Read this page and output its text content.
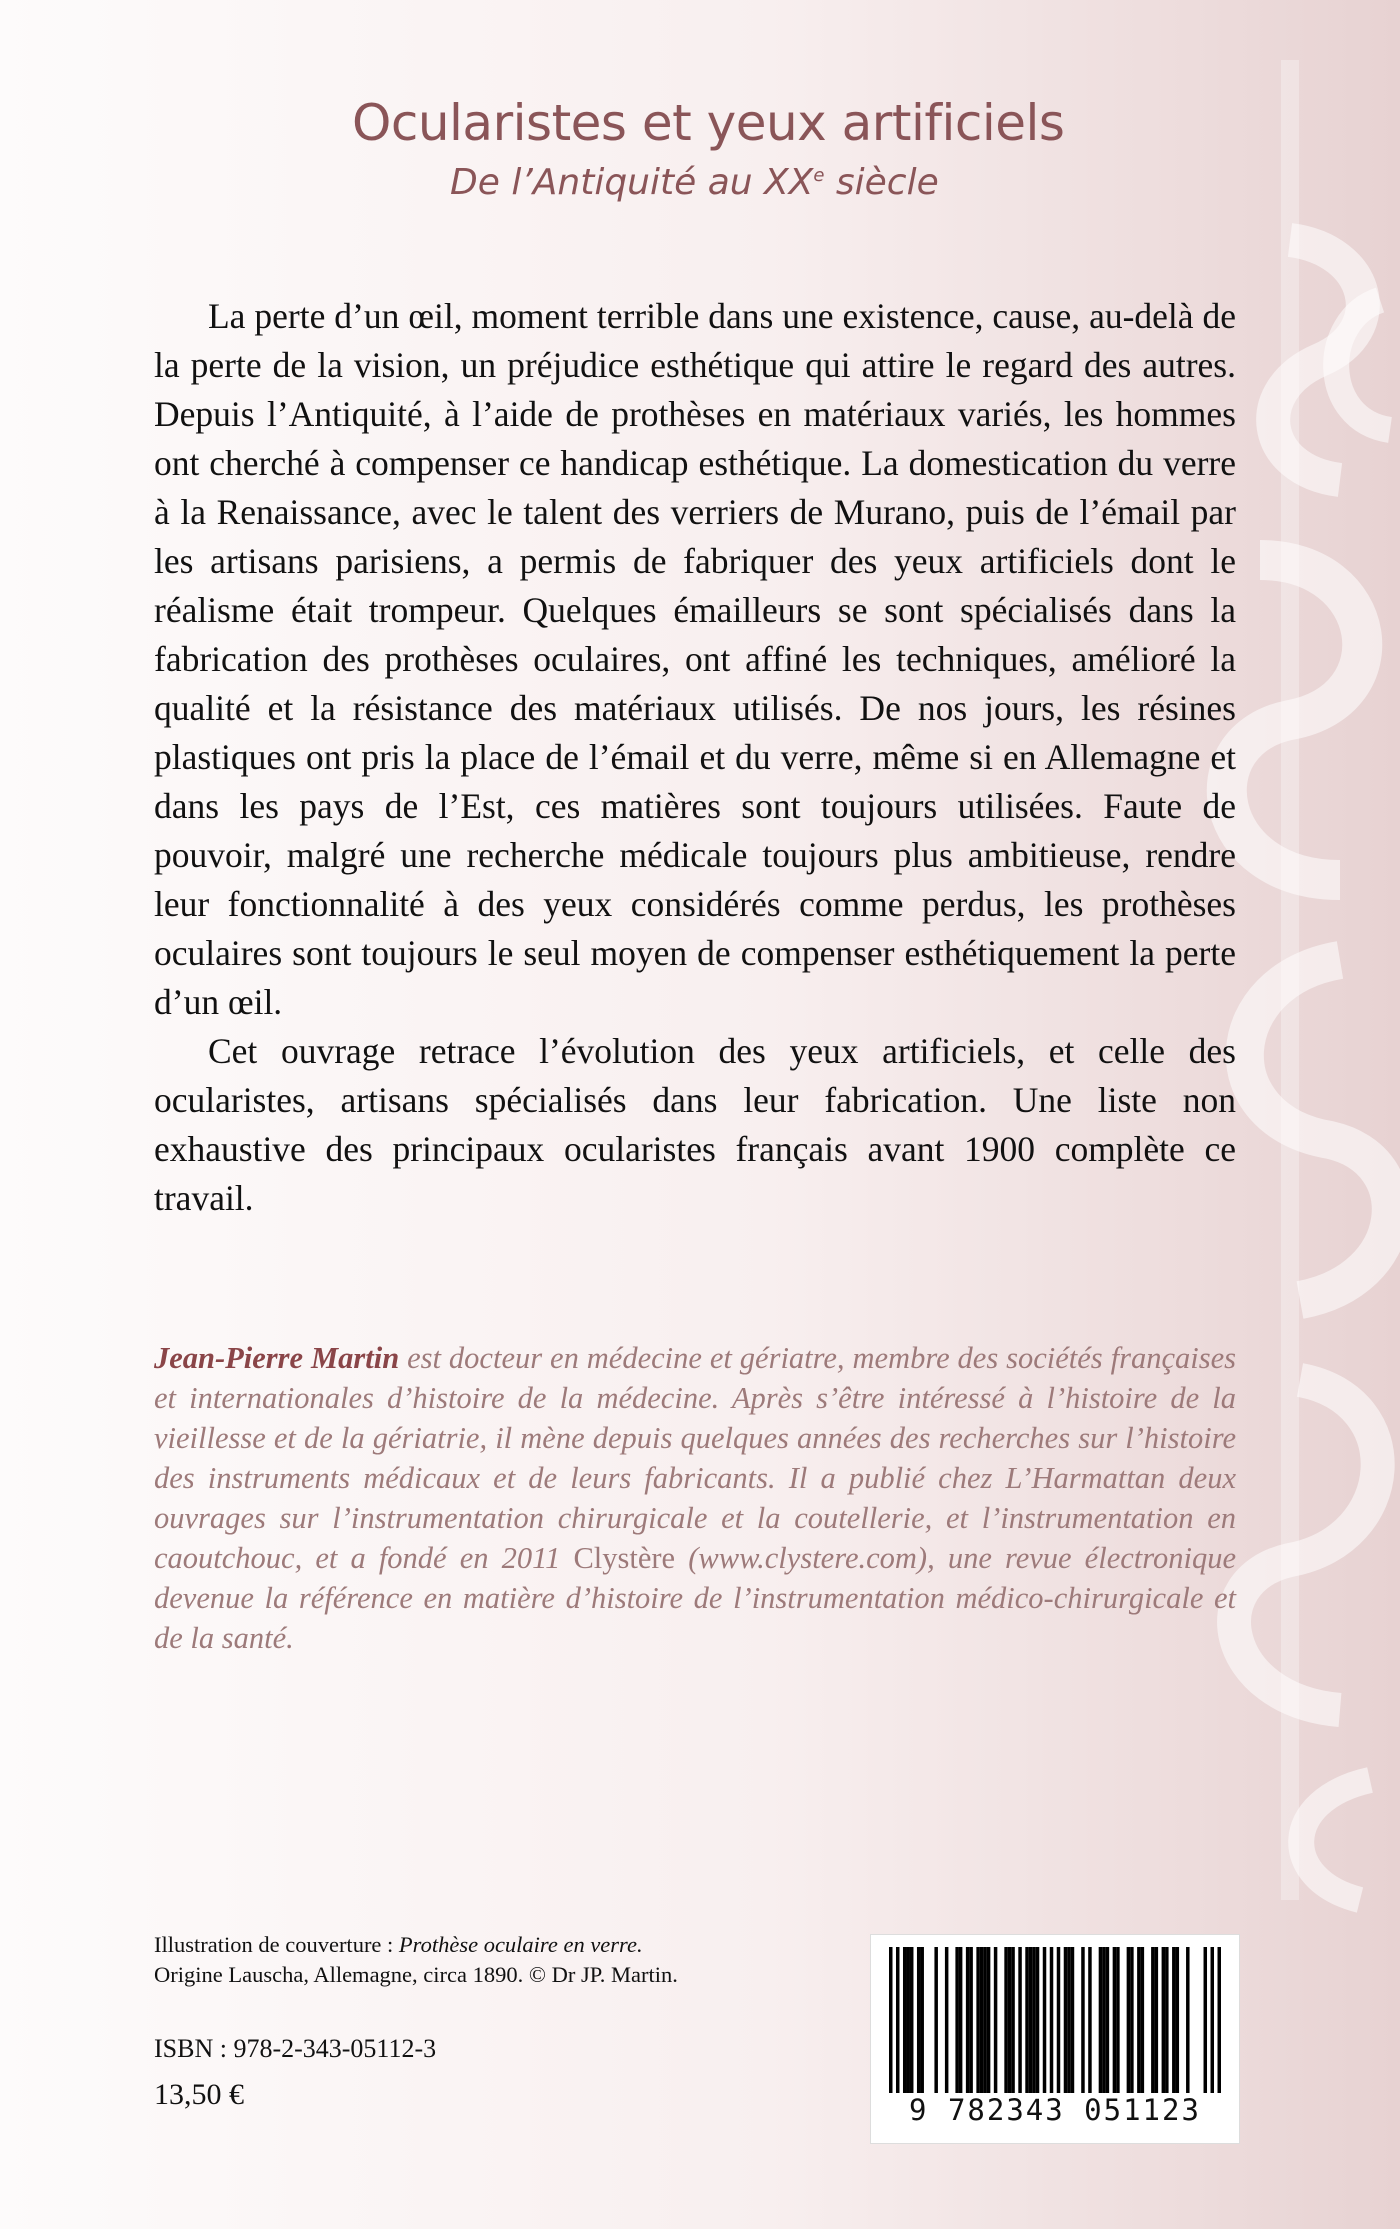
Ocularistes et yeux artificiels
De l’Antiquité au XXe siècle

La perte d’un œil, moment terrible dans une existence, cause, au-delà de la perte de la vision, un préjudice esthétique qui attire le regard des autres. Depuis l’Antiquité, à l’aide de prothèses en matériaux variés, les hommes ont cherché à compenser ce handicap esthétique. La domestication du verre à la Renaissance, avec le talent des verriers de Murano, puis de l’émail par les artisans parisiens, a permis de fabriquer des yeux artificiels dont le réalisme était trompeur. Quelques émailleurs se sont spécialisés dans la fabrication des prothèses oculaires, ont affiné les techniques, amélioré la qualité et la résistance des matériaux utilisés. De nos jours, les résines plastiques ont pris la place de l’émail et du verre, même si en Allemagne et dans les pays de l’Est, ces matières sont toujours utilisées. Faute de pouvoir, malgré une recherche médicale toujours plus ambitieuse, rendre leur fonctionnalité à des yeux considérés comme perdus, les prothèses oculaires sont toujours le seul moyen de compenser esthétiquement la perte d’un œil.

Cet ouvrage retrace l’évolution des yeux artificiels, et celle des ocularistes, artisans spécialisés dans leur fabrication. Une liste non exhaustive des principaux ocularistes français avant 1900 complète ce travail.

Jean-Pierre Martin est docteur en médecine et gériatre, membre des sociétés françaises et internationales d’histoire de la médecine. Après s’être intéressé à l’histoire de la vieillesse et de la gériatrie, il mène depuis quelques années des recherches sur l’histoire des instruments médicaux et de leurs fabricants. Il a publié chez L’Harmattan deux ouvrages sur l’instrumentation chirurgicale et la coutellerie, et l’instrumentation en caoutchouc, et a fondé en 2011 Clystère (www.clystere.com), une revue électronique devenue la référence en matière d’histoire de l’instrumentation médico-chirurgicale et de la santé.

Illustration de couverture : Prothèse oculaire en verre.
Origine Lauscha, Allemagne, circa 1890. © Dr JP. Martin.
ISBN : 978-2-343-05112-3
13,50 €	9 782343 051123
